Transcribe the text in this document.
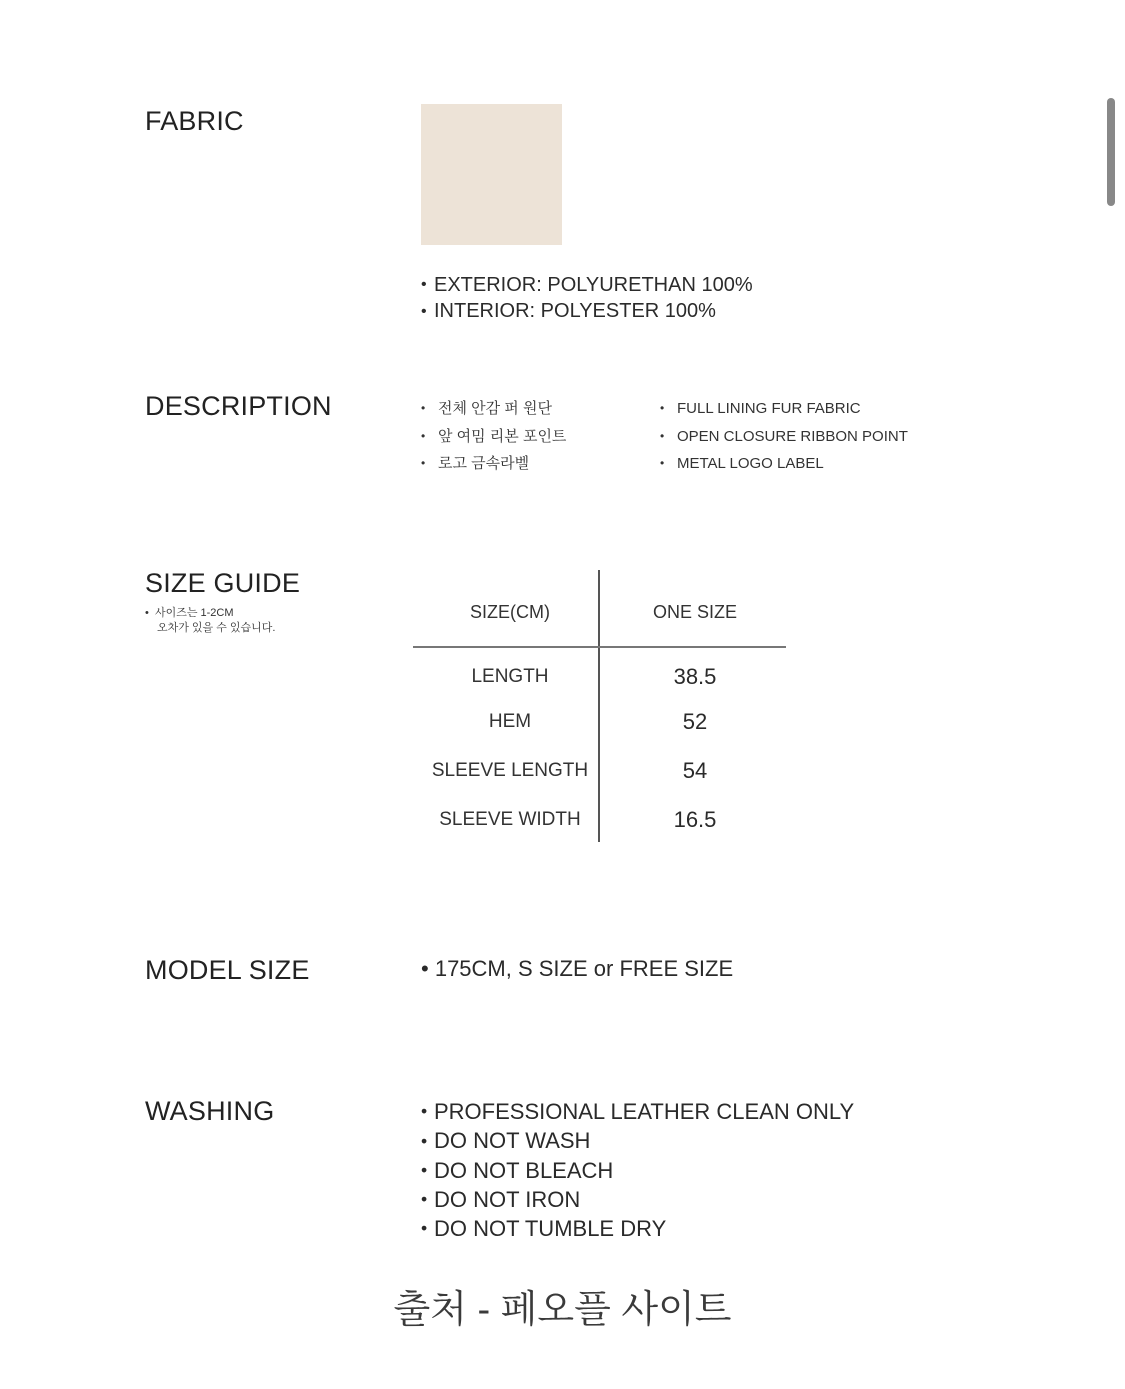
FABRIC
• EXTERIOR: POLYURETHAN 100%
• INTERIOR: POLYESTER 100%
DESCRIPTION	• 전체 안감 퍼 원단
• 앞 여밈 리본 포인트
• 로고 금속라벨
• FULL LINING FUR FABRIC
• OPEN CLOSURE RIBBON POINT
• METAL LOGO LABEL
SIZE GUIDE
•  사이즈는 1-2CM
오차가 있을 수 있습니다.
SIZE(CM)	ONE SIZE
LENGTH	38.5
HEM	52
SLEEVE LENGTH	54
SLEEVE WIDTH	16.5
MODEL SIZE	• 175CM, S SIZE or FREE SIZE
WASHING	• PROFESSIONAL LEATHER CLEAN ONLY
• DO NOT WASH
• DO NOT BLEACH
• DO NOT IRON
• DO NOT TUMBLE DRY
출처 - 페오플 사이트
